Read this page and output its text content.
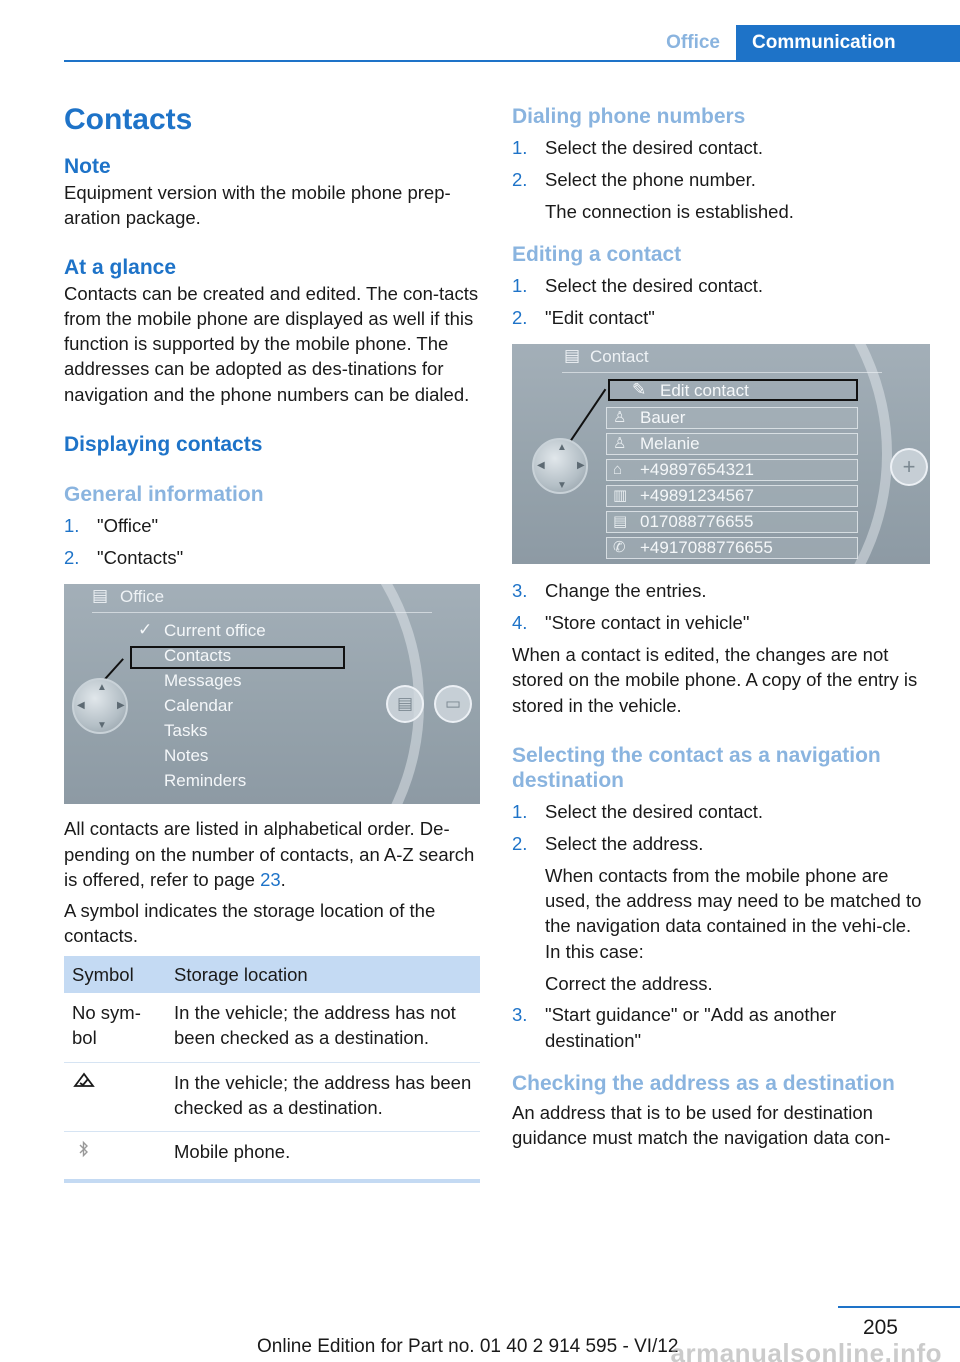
Office	Communication
Contacts
Note

Equipment version with the mobile phone prep-aration package.

At a glance

Contacts can be created and edited. The con-tacts from the mobile phone are displayed as well if this function is supported by the mobile phone. The addresses can be adopted as des-tinations for navigation and the phone numbers can be dialed.

Displaying contacts
General information
1. "Office"
2. "Contacts"
▤ Office
✓ Current office
Contacts
Messages
Calendar
Tasks
Notes
Reminders
▲
▼
◀	▶	▤	▭

All contacts are listed in alphabetical order. De-pending on the number of contacts, an A-Z search is offered, refer to page 23.

A symbol indicates the storage location of the contacts.

Symbol	Storage location
No sym-bol	In the vehicle; the address has not been checked as a destination.
	In the vehicle; the address has been checked as a destination.
	Mobile phone.
Dialing phone numbers
1. Select the desired contact.
2. Select the phone number.
The connection is established.
Editing a contact
1. Select the desired contact.
2. "Edit contact"
▤ Contact
✎ Edit contact
♙ Bauer
♙ Melanie
⌂ +49897654321
▥ +49891234567
▤ 017088776655
✆ +4917088776655
▲
▼
◀	▶	+
3. Change the entries.
4. "Store contact in vehicle"

When a contact is edited, the changes are not stored on the mobile phone. A copy of the entry is stored in the vehicle.

Selecting the contact as a navigation destination
1. Select the desired contact.
2. Select the address.
When contacts from the mobile phone are used, the address may need to be matched to the navigation data contained in the vehi-cle. In this case:
Correct the address.
3. "Start guidance" or "Add as another destination"
Checking the address as a destination

An address that is to be used for destination guidance must match the navigation data con-

205
Online Edition for Part no. 01 40 2 914 595 - VI/12
armanualsonline.info
